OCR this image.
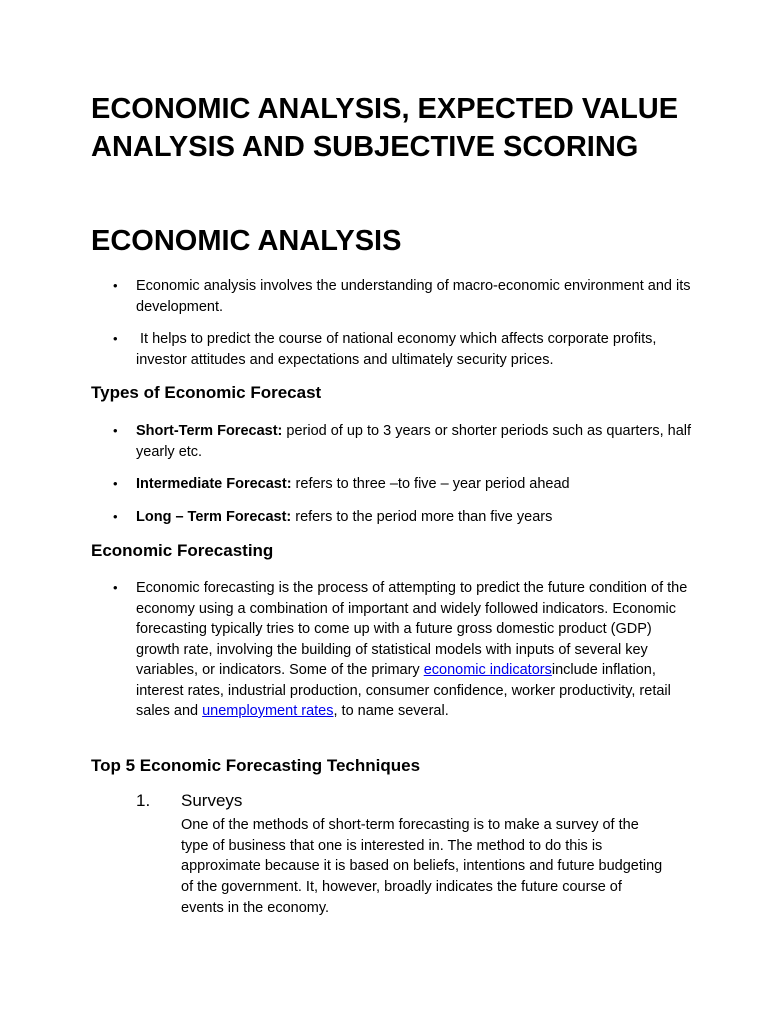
ECONOMIC ANALYSIS, EXPECTED VALUE ANALYSIS AND SUBJECTIVE SCORING
ECONOMIC ANALYSIS
• Economic analysis involves the understanding of macro-economic environment and its development.
• It helps to predict the course of national economy which affects corporate profits, investor attitudes and expectations and ultimately security prices.
Types of Economic Forecast
• Short-Term Forecast: period of up to 3 years or shorter periods such as quarters, half yearly etc.
• Intermediate Forecast: refers to three –to five – year period ahead
• Long – Term Forecast: refers to the period more than five years
Economic Forecasting
• Economic forecasting is the process of attempting to predict the future condition of the economy using a combination of important and widely followed indicators. Economic forecasting typically tries to come up with a future gross domestic product (GDP) growth rate, involving the building of statistical models with inputs of several key variables, or indicators. Some of the primary economic indicatorsinclude inflation, interest rates, industrial production, consumer confidence, worker productivity, retail sales and unemployment rates, to name several.
Top 5 Economic Forecasting Techniques
1. Surveys
One of the methods of short-term forecasting is to make a survey of the type of business that one is interested in. The method to do this is approximate because it is based on beliefs, intentions and future budgeting of the government. It, however, broadly indicates the future course of events in the economy.
